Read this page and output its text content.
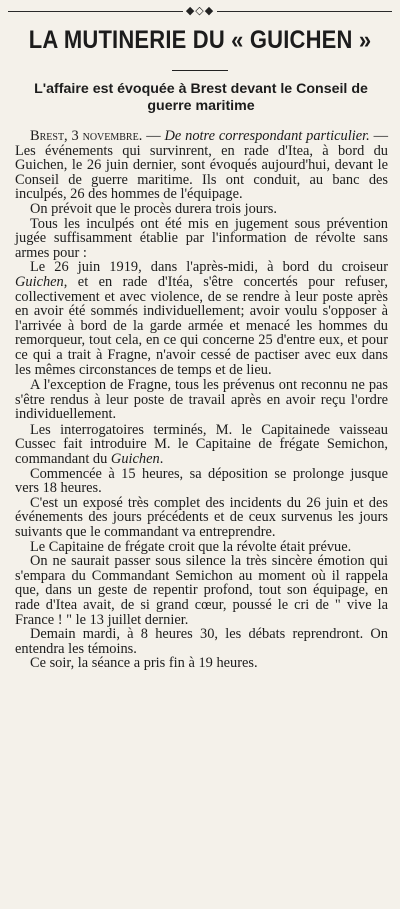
◆◇◆
LA MUTINERIE DU « GUICHEN »
L'affaire est évoquée à Brest devant le Conseil de guerre maritime

Brest, 3 novembre. — De notre correspondant particulier. — Les événements qui survinrent, en rade d'Itea, à bord du Guichen, le 26 juin dernier, sont évoqués aujourd'hui, devant le Conseil de guerre maritime. Ils ont conduit, au banc des inculpés, 26 des hommes de l'équipage.

On prévoit que le procès durera trois jours.

Tous les inculpés ont été mis en jugement sous prévention jugée suffisamment établie par l'information de révolte sans armes pour :

Le 26 juin 1919, dans l'après-midi, à bord du croiseur Guichen, et en rade d'Itéa, s'être concertés pour refuser, collectivement et avec violence, de se rendre à leur poste après en avoir été sommés individuellement; avoir voulu s'opposer à l'arrivée à bord de la garde armée et menacé les hommes du remorqueur, tout cela, en ce qui concerne 25 d'entre eux, et pour ce qui a trait à Fragne, n'avoir cessé de pactiser avec eux dans les mêmes circonstances de temps et de lieu.

A l'exception de Fragne, tous les prévenus ont reconnu ne pas s'être rendus à leur poste de travail après en avoir reçu l'ordre individuellement.

Les interrogatoires terminés, M. le Capitainede vaisseau Cussec fait introduire M. le Capitaine de frégate Semichon, commandant du Guichen.

Commencée à 15 heures, sa déposition se prolonge jusque vers 18 heures.

C'est un exposé très complet des incidents du 26 juin et des événements des jours précédents et de ceux survenus les jours suivants que le commandant va entreprendre.

Le Capitaine de frégate croit que la révolte était prévue.

On ne saurait passer sous silence la très sincère émotion qui s'empara du Commandant Semichon au moment où il rappela que, dans un geste de repentir profond, tout son équipage, en rade d'Itea avait, de si grand cœur, poussé le cri de " vive la France ! " le 13 juillet dernier.

Demain mardi, à 8 heures 30, les débats reprendront. On entendra les témoins.

Ce soir, la séance a pris fin à 19 heures.
